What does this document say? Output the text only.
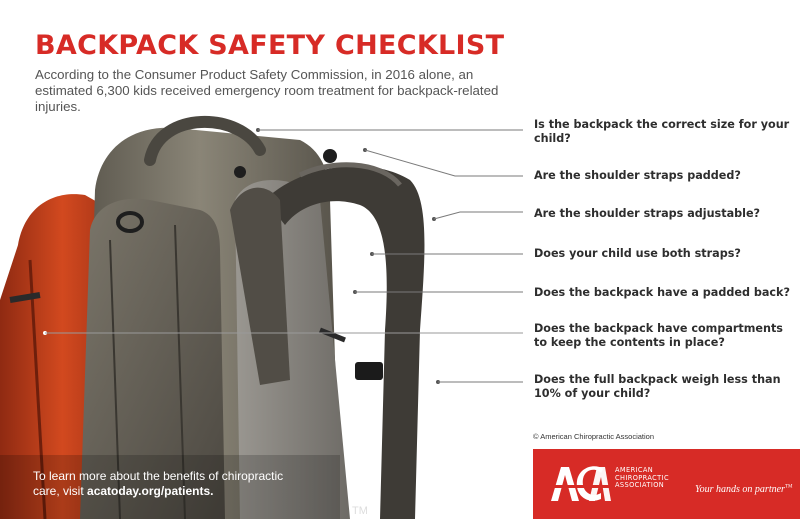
BACKPACK SAFETY CHECKLIST
According to the Consumer Product Safety Commission, in 2016 alone, an estimated 6,300 kids received emergency room treatment for backpack-related injuries.
Is the backpack the correct size for your child?
Are the shoulder straps padded?
Are the shoulder straps adjustable?
Does your child use both straps?
Does the backpack have a padded back?
Does the backpack have compartments to keep the contents in place?
Does the full backpack weigh less than 10% of your child?
© American Chiropractic Association
To learn more about the benefits of chiropractic care, visit acatoday.org/patients.
TM
AMERICAN
CHIROPRACTIC
ASSOCIATION	Your hands on partner™
